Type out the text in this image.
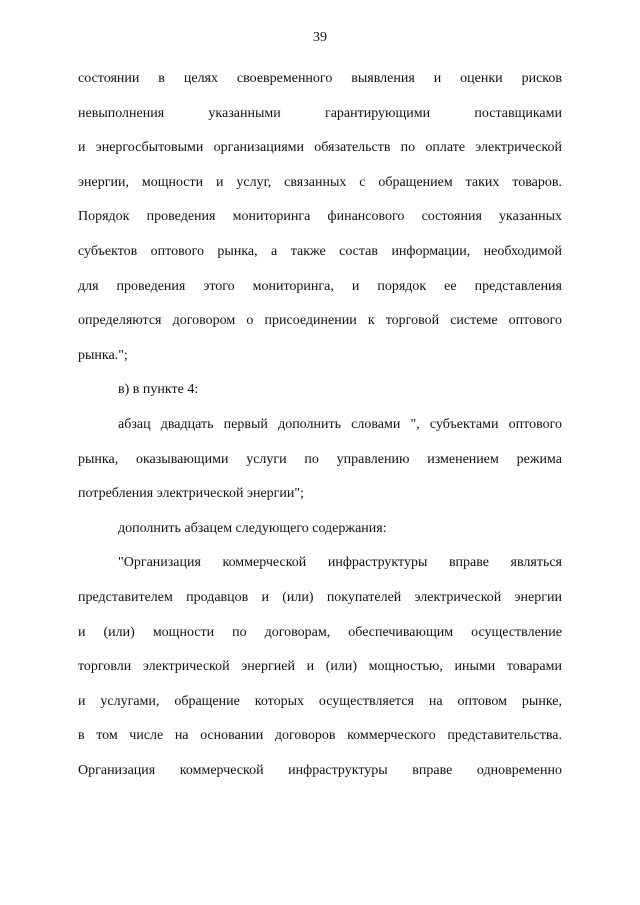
39
состоянии в целях своевременного выявления и оценки рисков
невыполнения указанными гарантирующими поставщиками
и энергосбытовыми организациями обязательств по оплате электрической
энергии, мощности и услуг, связанных с обращением таких товаров.
Порядок проведения мониторинга финансового состояния указанных
субъектов оптового рынка, а также состав информации, необходимой
для проведения этого мониторинга, и порядок ее представления
определяются договором о присоединении к торговой системе оптового
рынка.";
в) в пункте 4:
абзац двадцать первый дополнить словами ", субъектами оптового
рынка, оказывающими услуги по управлению изменением режима
потребления электрической энергии";
дополнить абзацем следующего содержания:
"Организация коммерческой инфраструктуры вправе являться
представителем продавцов и (или) покупателей электрической энергии
и (или) мощности по договорам, обеспечивающим осуществление
торговли электрической энергией и (или) мощностью, иными товарами
и услугами, обращение которых осуществляется на оптовом рынке,
в том числе на основании договоров коммерческого представительства.
Организация коммерческой инфраструктуры вправе одновременно
